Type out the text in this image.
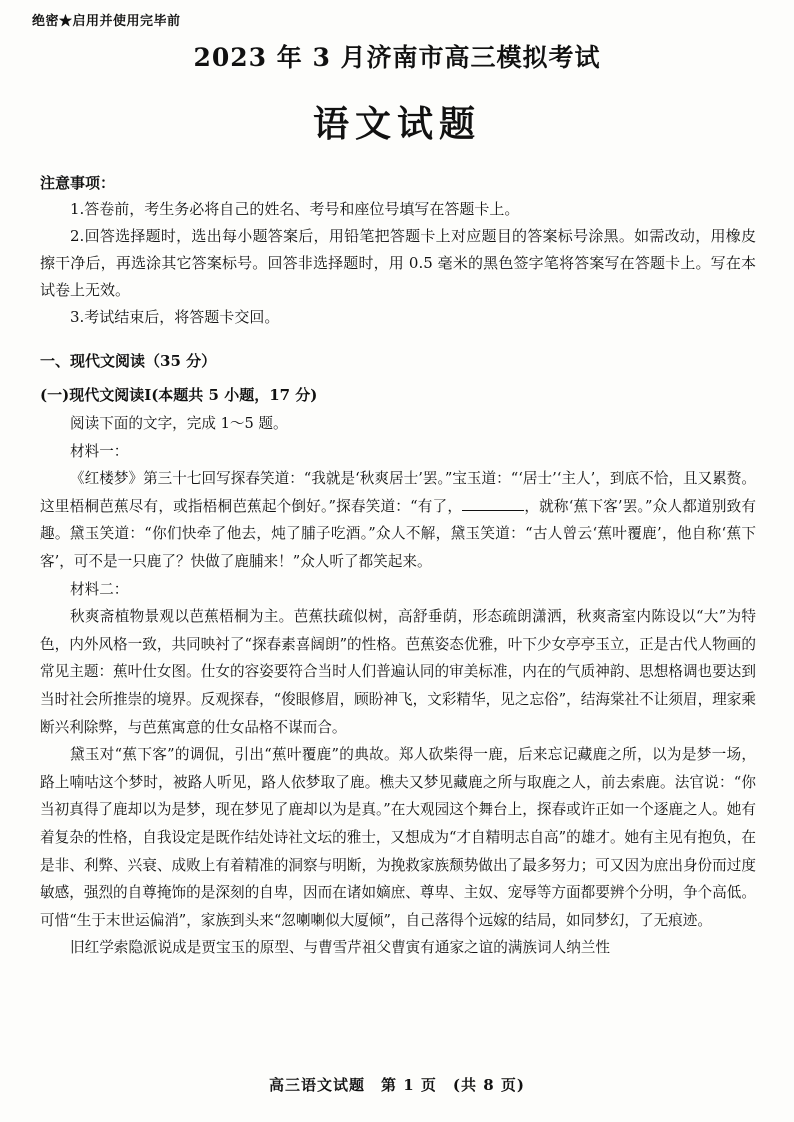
绝密★启用并使用完毕前
2023 年 3 月济南市高三模拟考试
语文试题
注意事项：

1.答卷前，考生务必将自己的姓名、考号和座位号填写在答题卡上。

2.回答选择题时，选出每小题答案后，用铅笔把答题卡上对应题目的答案标号涂黑。如需改动，用橡皮擦干净后，再选涂其它答案标号。回答非选择题时，用 0.5 毫米的黑色签字笔将答案写在答题卡上。写在本试卷上无效。

3.考试结束后，将答题卡交回。

一、现代文阅读（35 分）
(一)现代文阅读Ⅰ(本题共 5 小题，17 分)

阅读下面的文字，完成 1～5 题。

材料一：

《红楼梦》第三十七回写探春笑道：“我就是‘秋爽居士’罢。”宝玉道：“‘居士’‘主人’，到底不恰，且又累赘。这里梧桐芭蕉尽有，或指梧桐芭蕉起个倒好。”探春笑道：“有了，	，就称‘蕉下客’罢。”众人都道别致有趣。黛玉笑道：“你们快牵了他去，炖了脯子吃酒。”众人不解，黛玉笑道：“古人曾云‘蕉叶覆鹿’，他自称‘蕉下客’，可不是一只鹿了？快做了鹿脯来！”众人听了都笑起来。

材料二：

秋爽斋植物景观以芭蕉梧桐为主。芭蕉扶疏似树，高舒垂荫，形态疏朗潇洒，秋爽斋室内陈设以“大”为特色，内外风格一致，共同映衬了“探春素喜阔朗”的性格。芭蕉姿态优雅，叶下少女亭亭玉立，正是古代人物画的常见主题：蕉叶仕女图。仕女的容姿要符合当时人们普遍认同的审美标准，内在的气质神韵、思想格调也要达到当时社会所推崇的境界。反观探春，“俊眼修眉，顾盼神飞，文彩精华，见之忘俗”，结海棠社不让须眉，理家乘断兴利除弊，与芭蕉寓意的仕女品格不谋而合。

黛玉对“蕉下客”的调侃，引出“蕉叶覆鹿”的典故。郑人砍柴得一鹿，后来忘记藏鹿之所，以为是梦一场，路上喃咕这个梦时，被路人听见，路人依梦取了鹿。樵夫又梦见藏鹿之所与取鹿之人，前去索鹿。法官说：“你当初真得了鹿却以为是梦，现在梦见了鹿却以为是真。”在大观园这个舞台上，探春或许正如一个逐鹿之人。她有着复杂的性格，自我设定是既作结处诗社文坛的雅士，又想成为“才自精明志自高”的雄才。她有主见有抱负，在是非、利弊、兴衰、成败上有着精准的洞察与明断，为挽救家族颓势做出了最多努力；可又因为庶出身份而过度敏感，强烈的自尊掩饰的是深刻的自卑，因而在诸如嫡庶、尊卑、主奴、宠辱等方面都要辨个分明，争个高低。可惜“生于末世运偏消”，家族到头来“忽喇喇似大厦倾”，自己落得个远嫁的结局，如同梦幻，了无痕迹。

旧红学索隐派说成是贾宝玉的原型、与曹雪芹祖父曹寅有通家之谊的满族词人纳兰性

高三语文试题　第 1 页　(共 8 页)
